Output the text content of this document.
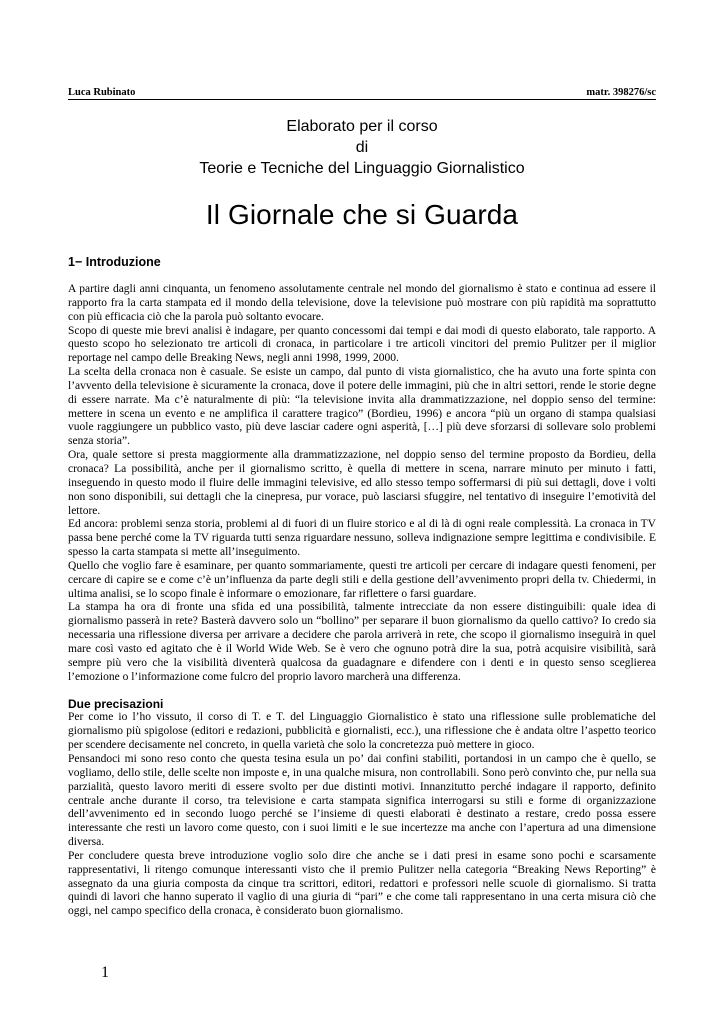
Luca Rubinato	matr. 398276/sc
Elaborato per il corso
di
Teorie e Tecniche del Linguaggio Giornalistico
Il Giornale che si Guarda
1− Introduzione

A partire dagli anni cinquanta, un fenomeno assolutamente centrale nel mondo del giornalismo è stato e continua ad essere il rapporto fra la carta stampata ed il mondo della televisione, dove la televisione può mostrare con più rapidità ma soprattutto con più efficacia ciò che la parola può soltanto evocare.

Scopo di queste mie brevi analisi è indagare, per quanto concessomi dai tempi e dai modi di questo elaborato, tale rapporto. A questo scopo ho selezionato tre articoli di cronaca, in particolare i tre articoli vincitori del premio Pulitzer per il miglior reportage nel campo delle Breaking News, negli anni 1998, 1999, 2000.

La scelta della cronaca non è casuale. Se esiste un campo, dal punto di vista giornalistico, che ha avuto una forte spinta con l’avvento della televisione è sicuramente la cronaca, dove il potere delle immagini, più che in altri settori, rende le storie degne di essere narrate. Ma c’è naturalmente di più: “la televisione invita alla drammatizzazione, nel doppio senso del termine: mettere in scena un evento e ne amplifica il carattere tragico” (Bordieu, 1996) e ancora “più un organo di stampa qualsiasi vuole raggiungere un pubblico vasto, più deve lasciar cadere ogni asperità, […] più deve sforzarsi di sollevare solo problemi senza storia”.

Ora, quale settore si presta maggiormente alla drammatizzazione, nel doppio senso del termine proposto da Bordieu, della cronaca? La possibilità, anche per il giornalismo scritto, è quella di mettere in scena, narrare minuto per minuto i fatti, inseguendo in questo modo il fluire delle immagini televisive, ed allo stesso tempo soffermarsi di più sui dettagli, dove i volti non sono disponibili, sui dettagli che la cinepresa, pur vorace, può lasciarsi sfuggire, nel tentativo di inseguire l’emotività del lettore.

Ed ancora: problemi senza storia, problemi al di fuori di un fluire storico e al di là di ogni reale complessità. La cronaca in TV passa bene perché come la TV riguarda tutti senza riguardare nessuno, solleva indignazione sempre legittima e condivisibile. E spesso la carta stampata si mette all’inseguimento.

Quello che voglio fare è esaminare, per quanto sommariamente, questi tre articoli per cercare di indagare questi fenomeni, per cercare di capire se e come c’è un’influenza da parte degli stili e della gestione dell’avvenimento propri della tv. Chiedermi, in ultima analisi, se lo scopo finale è informare o emozionare, far riflettere o farsi guardare.

La stampa ha ora di fronte una sfida ed una possibilità, talmente intrecciate da non essere distinguibili: quale idea di giornalismo passerà in rete? Basterà davvero solo un “bollino” per separare il buon giornalismo da quello cattivo? Io credo sia necessaria una riflessione diversa per arrivare a decidere che parola arriverà in rete, che scopo il giornalismo inseguirà in quel mare così vasto ed agitato che è il World Wide Web. Se è vero che ognuno potrà dire la sua, potrà acquisire visibilità, sarà sempre più vero che la visibilità diventerà qualcosa da guadagnare e difendere con i denti e in questo senso sceglierea l’emozione o l’informazione come fulcro del proprio lavoro marcherà una differenza.

Due precisazioni

Per come io l’ho vissuto, il corso di T. e T. del Linguaggio Giornalistico è stato una riflessione sulle problematiche del giornalismo più spigolose (editori e redazioni, pubblicità e giornalisti, ecc.), una riflessione che è andata oltre l’aspetto teorico per scendere decisamente nel concreto, in quella varietà che solo la concretezza può mettere in gioco.

Pensandoci mi sono reso conto che questa tesina esula un po’ dai confini stabiliti, portandosi in un campo che è quello, se vogliamo, dello stile, delle scelte non imposte e, in una qualche misura, non controllabili. Sono però convinto che, pur nella sua parzialità, questo lavoro meriti di essere svolto per due distinti motivi. Innanzitutto perché indagare il rapporto, definito centrale anche durante il corso, tra televisione e carta stampata significa interrogarsi su stili e forme di organizzazione dell’avvenimento ed in secondo luogo perché se l’insieme di questi elaborati è destinato a restare, credo possa essere interessante che resti un lavoro come questo, con i suoi limiti e le sue incertezze ma anche con l’apertura ad una dimensione diversa.

Per concludere questa breve introduzione voglio solo dire che anche se i dati presi in esame sono pochi e scarsamente rappresentativi, li ritengo comunque interessanti visto che il premio Pulitzer nella categoria “Breaking News Reporting” è assegnato da una giuria composta da cinque tra scrittori, editori, redattori e professori nelle scuole di giornalismo. Si tratta quindi di lavori che hanno superato il vaglio di una giuria di “pari” e che come tali rappresentano in una certa misura ciò che oggi, nel campo specifico della cronaca, è considerato buon giornalismo.

1
